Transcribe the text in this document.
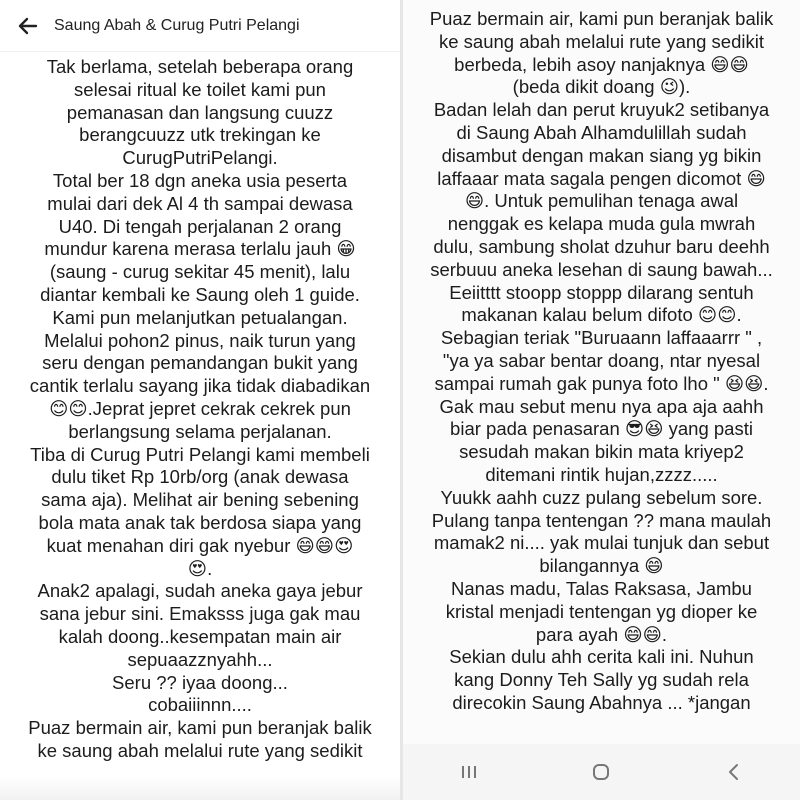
Saung Abah & Curug Putri Pelangi
Tak berlama, setelah beberapa orang
selesai ritual ke toilet kami pun
pemanasan dan langsung cuuzz
berangcuuzz utk trekingan ke
CurugPutriPelangi.
Total ber 18 dgn aneka usia peserta
mulai dari dek Al 4 th sampai dewasa
U40. Di tengah perjalanan 2 orang
mundur karena merasa terlalu jauh 😁
(saung - curug sekitar 45 menit), lalu
diantar kembali ke Saung oleh 1 guide.
Kami pun melanjutkan petualangan.
Melalui pohon2 pinus, naik turun yang
seru dengan pemandangan bukit yang
cantik terlalu sayang jika tidak diabadikan
😊😊.Jeprat jepret cekrak cekrek pun
berlangsung selama perjalanan.
Tiba di Curug Putri Pelangi kami membeli
dulu tiket Rp 10rb/org (anak dewasa
sama aja). Melihat air bening sebening
bola mata anak tak berdosa siapa yang
kuat menahan diri gak nyebur 😄😄😍
😍.
Anak2 apalagi, sudah aneka gaya jebur
sana jebur sini. Emaksss juga gak mau
kalah doong..kesempatan main air
sepuaazznyahh...
Seru ?? iyaa doong...
cobaiiinnn....
Puaz bermain air, kami pun beranjak balik
ke saung abah melalui rute yang sedikit
Puaz bermain air, kami pun beranjak balik
ke saung abah melalui rute yang sedikit
berbeda, lebih asoy nanjaknya 😄😄
(beda dikit doang 😉).
Badan lelah dan perut kruyuk2 setibanya
di Saung Abah Alhamdulillah sudah
disambut dengan makan siang yg bikin
laffaaar mata sagala pengen dicomot 😄
😄. Untuk pemulihan tenaga awal
nenggak es kelapa muda gula mwrah
dulu, sambung sholat dzuhur baru deehh
serbuuu aneka lesehan di saung bawah...
Eeiitttt stoopp stoppp dilarang sentuh
makanan kalau belum difoto 😊😊.
Sebagian teriak "Buruaann laffaaarrr " ,
"ya ya sabar bentar doang, ntar nyesal
sampai rumah gak punya foto lho " 😆😆.
Gak mau sebut menu nya apa aja aahh
biar pada penasaran 😎😆 yang pasti
sesudah makan bikin mata kriyep2
ditemani rintik hujan,zzzz.....
Yuukk aahh cuzz pulang sebelum sore.
Pulang tanpa tentengan ?? mana maulah
mamak2 ni.... yak mulai tunjuk dan sebut
bilangannya 😄
Nanas madu, Talas Raksasa, Jambu
kristal menjadi tentengan yg dioper ke
para ayah 😄😄.
Sekian dulu ahh cerita kali ini. Nuhun
kang Donny Teh Sally yg sudah rela
direcokin Saung Abahnya ... *jangan
